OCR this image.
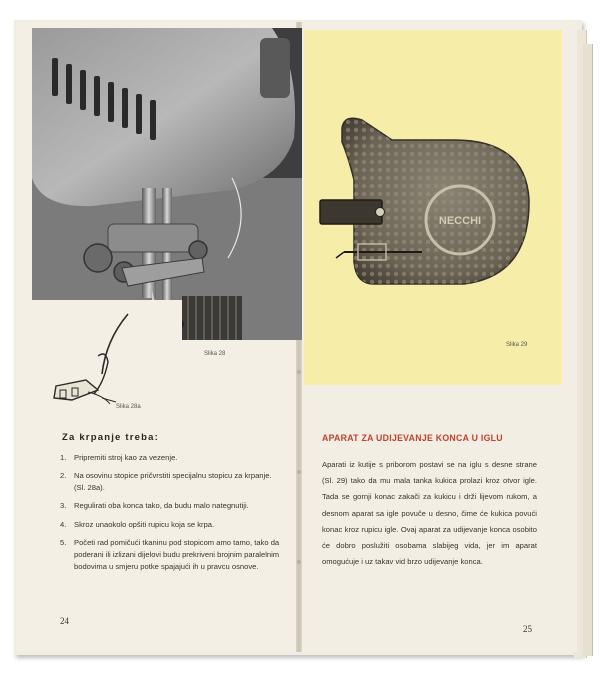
Slika 28
Slika 28a
Za krpanje treba:
1. Pripremiti stroj kao za vezenje.
2. Na osovinu stopice pričvrstiti specijalnu stopicu za krpanje. (Sl. 28a).
3. Regulirati oba konca tako, da budu malo nategnutiji.
4. Skroz unaokolo opšiti rupicu koja se krpa.
5. Početi rad pomičući tkaninu pod stopicom amo tamo, tako da poderani ili izlizani dijelovi budu prekriveni brojnim paralelnim bodovima u smjeru potke spajajući ih u pravcu osnove.
24
NECCHI
Slika 29
APARAT ZA UDIJEVANJE KONCA U IGLU
Aparati iz kutije s priborom postavi se na iglu s desne strane (Sl. 29) tako da mu mala tanka kukica prolazi kroz otvor igle. Tada se gornji konac zakači za kukicu i drži lijevom rukom, a desnom aparat sa igle povuče u desno, čime će kukica povući konac kroz rupicu igle. Ovaj aparat za udijevanje konca osobito će dobro poslužiti osobama slabijeg vida, jer im aparat omogućuje i uz takav vid brzo udijevanje konca.
25
